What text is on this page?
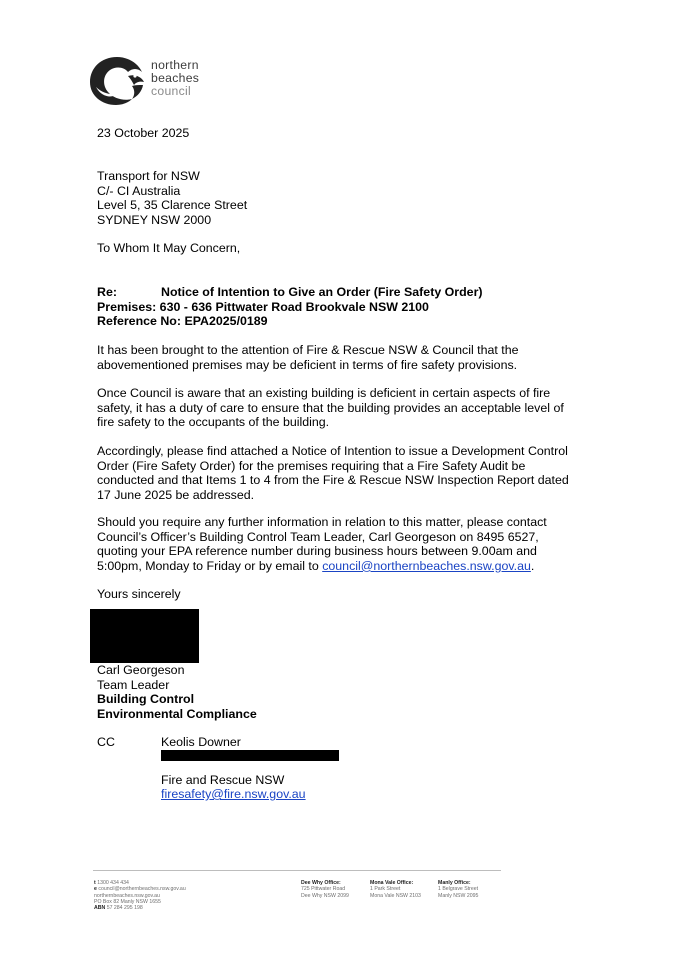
northern
beaches
council
23 October 2025
Transport for NSW
C/- CI Australia
Level 5, 35 Clarence Street
SYDNEY NSW 2000
To Whom It May Concern,
Re:	Notice of Intention to Give an Order (Fire Safety Order)
Premises: 630 - 636 Pittwater Road Brookvale NSW 2100
Reference No: EPA2025/0189
It has been brought to the attention of Fire & Rescue NSW & Council that the
abovementioned premises may be deficient in terms of fire safety provisions.
Once Council is aware that an existing building is deficient in certain aspects of fire
safety, it has a duty of care to ensure that the building provides an acceptable level of
fire safety to the occupants of the building.
Accordingly, please find attached a Notice of Intention to issue a Development Control
Order (Fire Safety Order) for the premises requiring that a Fire Safety Audit be
conducted and that Items 1 to 4 from the Fire & Rescue NSW Inspection Report dated
17 June 2025 be addressed.
Should you require any further information in relation to this matter, please contact
Council’s Officer’s Building Control Team Leader, Carl Georgeson on 8495 6527,
quoting your EPA reference number during business hours between 9.00am and
5:00pm, Monday to Friday or by email to council@northernbeaches.nsw.gov.au.
Yours sincerely
Carl Georgeson
Team Leader
Building Control
Environmental Compliance
CC	Keolis Downer
Fire and Rescue NSW
firesafety@fire.nsw.gov.au
t 1300 434 434
e council@northernbeaches.nsw.gov.au
northernbeaches.nsw.gov.au
PO Box 82 Manly NSW 1655
ABN 57 284 295 198
Dee Why Office:
725 Pittwater Road
Dee Why NSW 2099
Mona Vale Office:
1 Park Street
Mona Vale NSW 2103
Manly Office:
1 Belgrave Street
Manly NSW 2095
